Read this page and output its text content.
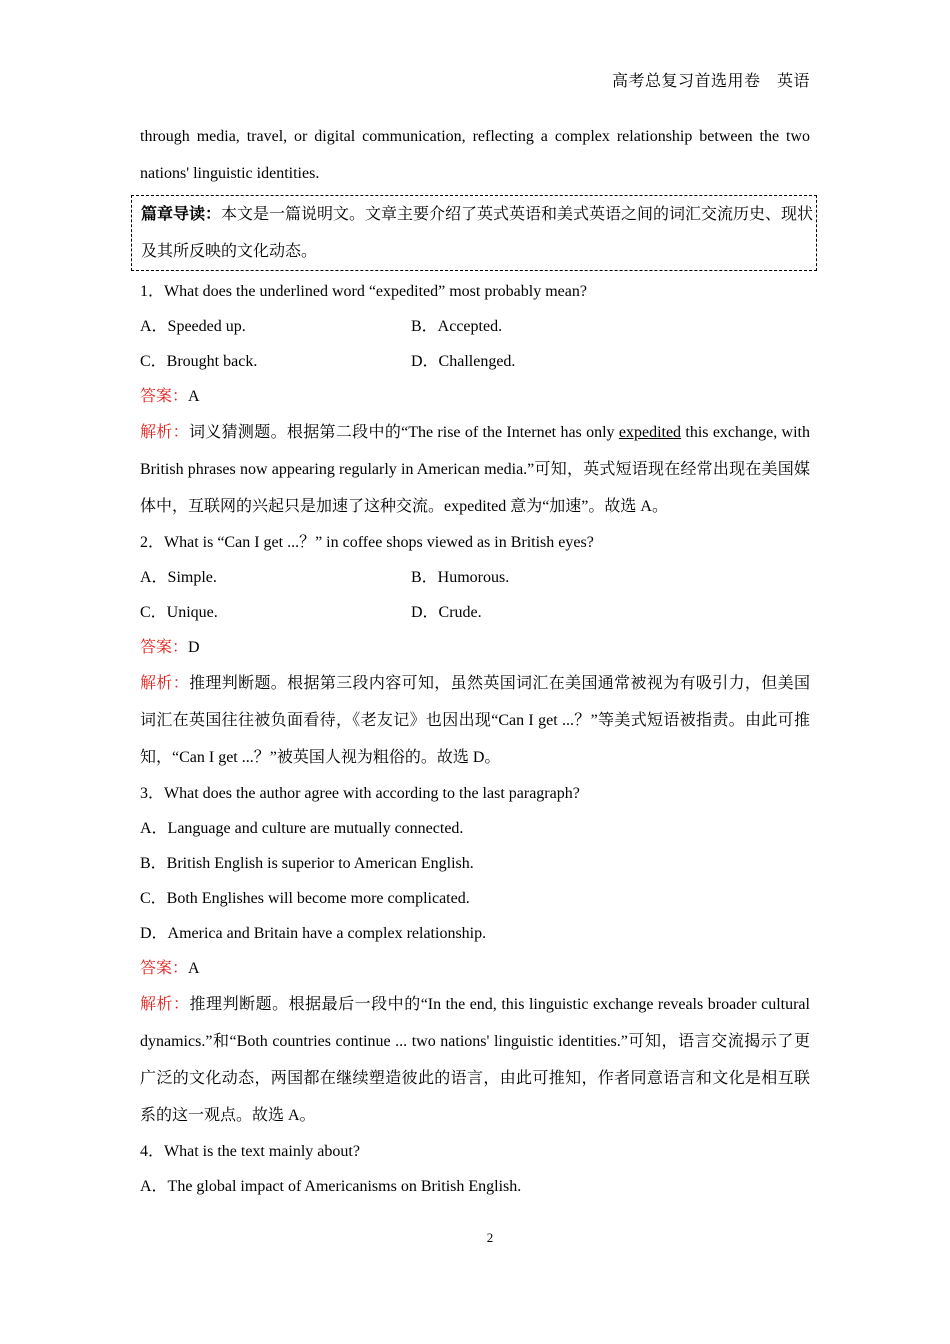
高考总复习首选用卷　英语

through media, travel, or digital communication, reflecting a complex relationship between the two nations' linguistic identities.

篇章导读：本文是一篇说明文。文章主要介绍了英式英语和美式英语之间的词汇交流历史、现状及其所反映的文化动态。

1．What does the underlined word “expedited” most probably mean?

A．Speeded up.	B．Accepted.

C．Brought back.	D．Challenged.

答案：A

解析：词义猜测题。根据第二段中的“The rise of the Internet has only expedited this exchange, with British phrases now appearing regularly in American media.”可知，英式短语现在经常出现在美国媒体中，互联网的兴起只是加速了这种交流。expedited 意为“加速”。故选 A。

2．What is “Can I get ...？” in coffee shops viewed as in British eyes?

A．Simple.	B．Humorous.

C．Unique.	D．Crude.

答案：D

解析：推理判断题。根据第三段内容可知，虽然英国词汇在美国通常被视为有吸引力，但美国词汇在英国往往被负面看待，《老友记》也因出现“Can I get ...？”等美式短语被指责。由此可推知，“Can I get ...？”被英国人视为粗俗的。故选 D。

3．What does the author agree with according to the last paragraph?

A．Language and culture are mutually connected.

B．British English is superior to American English.

C．Both Englishes will become more complicated.

D．America and Britain have a complex relationship.

答案：A

解析：推理判断题。根据最后一段中的“In the end, this linguistic exchange reveals broader cultural dynamics.”和“Both countries continue ... two nations' linguistic identities.”可知，语言交流揭示了更广泛的文化动态，两国都在继续塑造彼此的语言，由此可推知，作者同意语言和文化是相互联系的这一观点。故选 A。

4．What is the text mainly about?

A．The global impact of Americanisms on British English.

2
